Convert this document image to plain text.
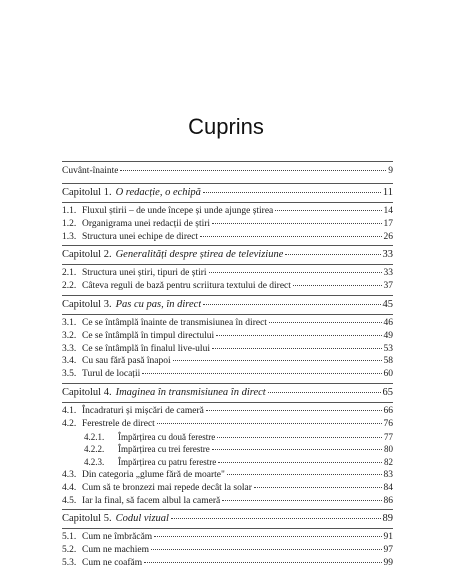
Cuprins
Cuvânt-înainte	9
Capitolul 1. O redacție, o echipă	11
1.1. Fluxul știrii – de unde începe și unde ajunge știrea	14
1.2. Organigrama unei redacții de știri	17
1.3. Structura unei echipe de direct	26
Capitolul 2. Generalități despre știrea de televiziune	33
2.1. Structura unei știri, tipuri de știri	33
2.2. Câteva reguli de bază pentru scriitura textului de direct	37
Capitolul 3. Pas cu pas, în direct	45
3.1. Ce se întâmplă înainte de transmisiunea în direct	46
3.2. Ce se întâmplă în timpul directului	49
3.3. Ce se întâmplă în finalul live-ului	53
3.4. Cu sau fără pasă înapoi	58
3.5. Turul de locații	60
Capitolul 4. Imaginea în transmisiunea în direct	65
4.1. Încadraturi și mișcări de cameră	66
4.2. Ferestrele de direct	76
4.2.1.	Împărțirea cu două ferestre	77
4.2.2.	Împărțirea cu trei ferestre	80
4.2.3.	Împărțirea cu patru ferestre	82
4.3. Din categoria „glume fără de moarte"	83
4.4. Cum să te bronzezi mai repede decât la solar	84
4.5. Iar la final, să facem albul la cameră	86
Capitolul 5. Codul vizual	89
5.1. Cum ne îmbrăcăm	91
5.2. Cum ne machiem	97
5.3. Cum ne coafăm	99
